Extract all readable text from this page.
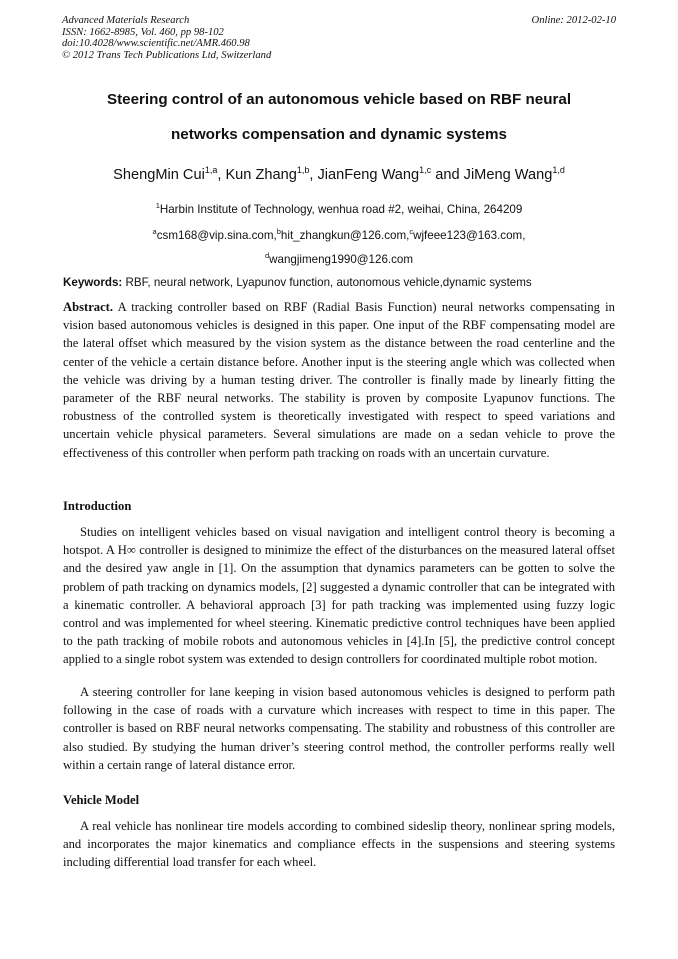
Advanced Materials Research
ISSN: 1662-8985, Vol. 460, pp 98-102
doi:10.4028/www.scientific.net/AMR.460.98
© 2012 Trans Tech Publications Ltd, Switzerland
Online: 2012-02-10
Steering control of an autonomous vehicle based on RBF neural
networks compensation and dynamic systems
ShengMin Cui$^{1,a}$, Kun Zhang$^{1,b}$, JianFeng Wang$^{1,c}$ and JiMeng Wang$^{1,d}$
$^1$Harbin Institute of Technology, wenhua road #2, weihai, China, 264209
$^a$csm168@vip.sina.com,$^b$hit_zhangkun@126.com,$^c$wjfeee123@163.com,
$^d$wangjimeng1990@126.com
Keywords: RBF, neural network, Lyapunov function, autonomous vehicle,dynamic systems
Abstract. A tracking controller based on RBF (Radial Basis Function) neural networks compensating in vision based autonomous vehicles is designed in this paper. One input of the RBF compensating model are the lateral offset which measured by the vision system as the distance between the road centerline and the center of the vehicle a certain distance before. Another input is the steering angle which was collected when the vehicle was driving by a human testing driver. The controller is finally made by linearly fitting the parameter of the RBF neural networks. The stability is proven by composite Lyapunov functions. The robustness of the controlled system is theoretically investigated with respect to speed variations and uncertain vehicle physical parameters. Several simulations are made on a sedan vehicle to prove the effectiveness of this controller when perform path tracking on roads with an uncertain curvature.
Introduction
Studies on intelligent vehicles based on visual navigation and intelligent control theory is becoming a hotspot. A H∞ controller is designed to minimize the effect of the disturbances on the measured lateral offset and the desired yaw angle in [1]. On the assumption that dynamics parameters can be gotten to solve the problem of path tracking on dynamics models, [2] suggested a dynamic controller that can be integrated with a kinematic controller. A behavioral approach [3] for path tracking was implemented using fuzzy logic control and was implemented for wheel steering. Kinematic predictive control techniques have been applied to the path tracking of mobile robots and autonomous vehicles in [4].In [5], the predictive control concept applied to a single robot system was extended to design controllers for coordinated multiple robot motion.
A steering controller for lane keeping in vision based autonomous vehicles is designed to perform path following in the case of roads with a curvature which increases with respect to time in this paper. The controller is based on RBF neural networks compensating. The stability and robustness of this controller are also studied. By studying the human driver’s steering control method, the controller performs really well within a certain range of lateral distance error.
Vehicle Model
A real vehicle has nonlinear tire models according to combined sideslip theory, nonlinear spring models, and incorporates the major kinematics and compliance effects in the suspensions and steering systems including differential load transfer for each wheel.
